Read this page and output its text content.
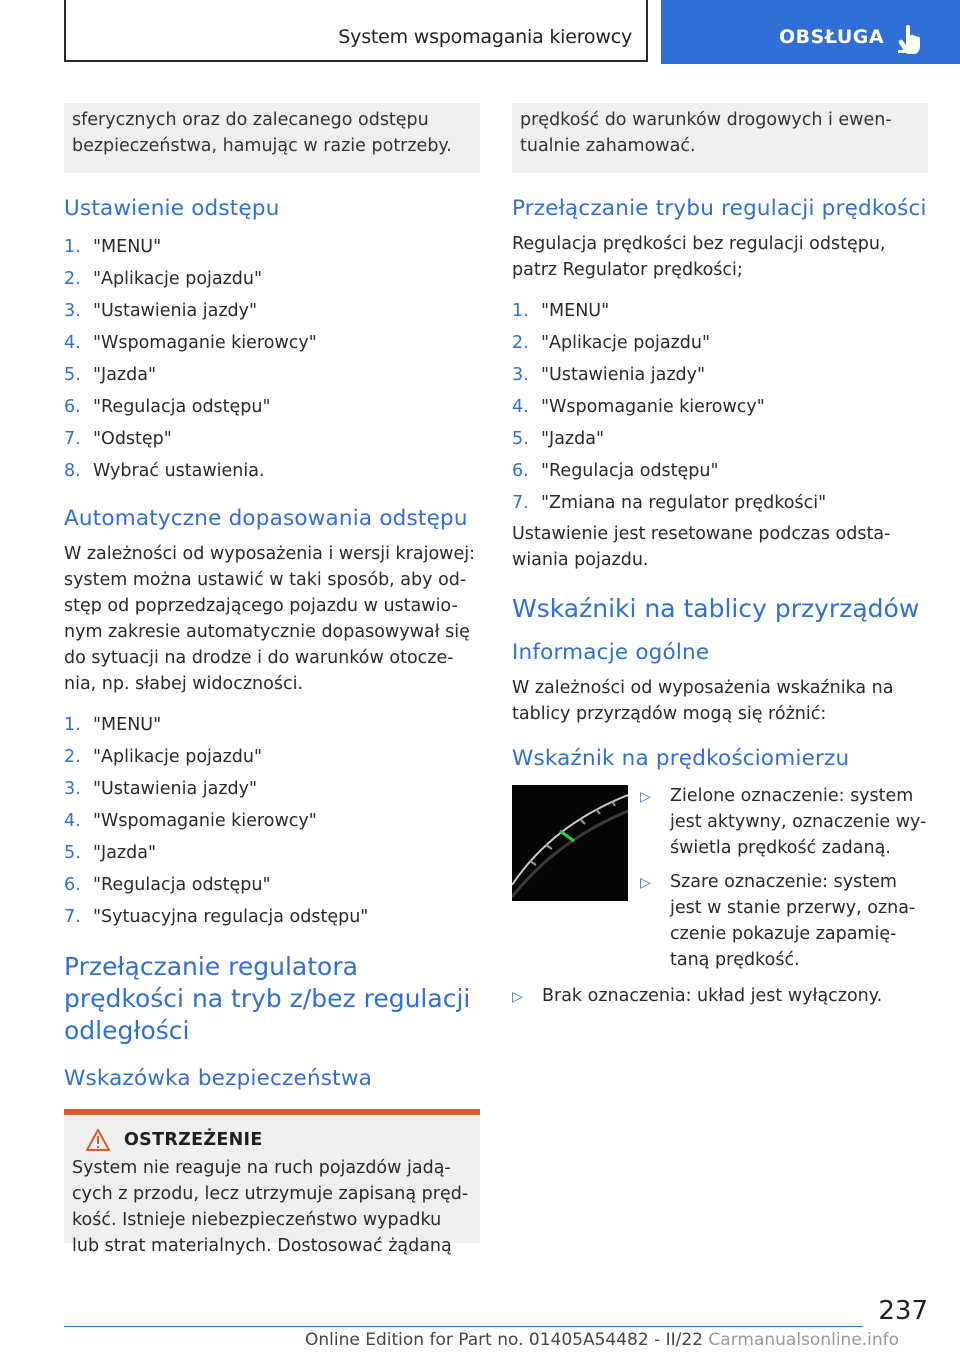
System wspomagania kierowcy	OBSŁUGA
sferycznych oraz do zalecanego odstępu bezpieczeństwa, hamując w razie potrzeby.
Ustawienie odstępu
1. "MENU"
2. "Aplikacje pojazdu"
3. "Ustawienia jazdy"
4. "Wspomaganie kierowcy"
5. "Jazda"
6. "Regulacja odstępu"
7. "Odstęp"
8. Wybrać ustawienia.
Automatyczne dopasowania odstępu

W zależności od wyposażenia i wersji krajowej: system można ustawić w taki sposób, aby od-stęp od poprzedzającego pojazdu w ustawio-nym zakresie automatycznie dopasowywał się do sytuacji na drodze i do warunków otocze-nia, np. słabej widoczności.

1. "MENU"
2. "Aplikacje pojazdu"
3. "Ustawienia jazdy"
4. "Wspomaganie kierowcy"
5. "Jazda"
6. "Regulacja odstępu"
7. "Sytuacyjna regulacja odstępu"
Przełączanie regulatora prędkości na tryb z/bez regulacji odległości
Wskazówka bezpieczeństwa
OSTRZEŻENIE
System nie reaguje na ruch pojazdów jadą-cych z przodu, lecz utrzymuje zapisaną pręd-kość. Istnieje niebezpieczeństwo wypadku lub strat materialnych. Dostosować żądaną
prędkość do warunków drogowych i ewen-tualnie zahamować.
Przełączanie trybu regulacji prędkości

Regulacja prędkości bez regulacji odstępu, patrz Regulator prędkości;

1. "MENU"
2. "Aplikacje pojazdu"
3. "Ustawienia jazdy"
4. "Wspomaganie kierowcy"
5. "Jazda"
6. "Regulacja odstępu"
7. "Zmiana na regulator prędkości"

Ustawienie jest resetowane podczas odsta-wiania pojazdu.

Wskaźniki na tablicy przyrządów
Informacje ogólne

W zależności od wyposażenia wskaźnika na tablicy przyrządów mogą się różnić:

Wskaźnik na prędkościomierzu
▷	Zielone oznaczenie: system jest aktywny, oznaczenie wy-świetla prędkość zadaną.
▷	Szare oznaczenie: system jest w stanie przerwy, ozna-czenie pokazuje zapamię-taną prędkość.
▷	Brak oznaczenia: układ jest wyłączony.
237
Online Edition for Part no. 01405A54482 - II/22 Carmanualsonline.info
